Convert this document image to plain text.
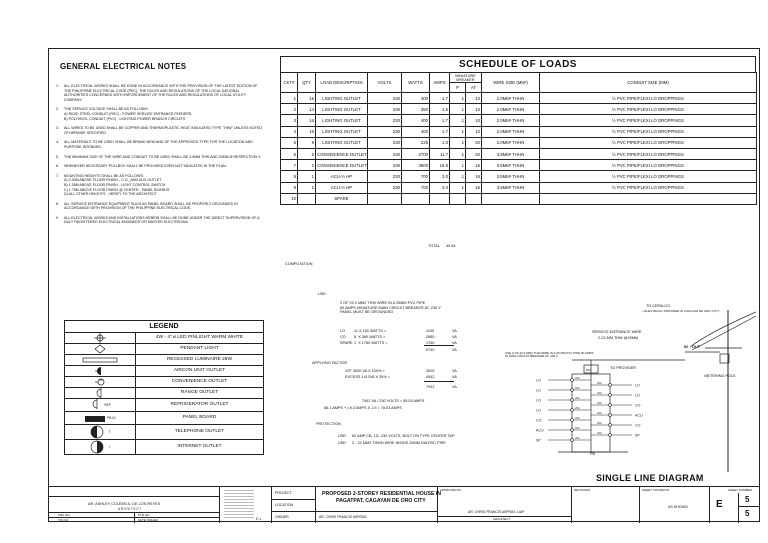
GENERAL ELECTRICAL NOTES
1.	ALL ELECTRICAL WORKS SHALL BE DONE IN ACCORDANCE WITH THE PROVISION OF THE LATEST EDITION OF THE PHILIPPINE ELECTRICAL CODE (PEC), THE RULES AND REGULATIONS OF THE LOCAL NATIONAL AUTHORITIES CONCERNED WITH ENFORCEMENT OF THE RULES AND REGULATIONS OF LOCAL UTILITY COMPANY.
2.	THE SERVICE VOLTAGE SHALL BE AS FOLLOWS:
A) RIGID STEEL CONDUIT (RSC) - POWER SERVICE ENTRANCE FEEDERS.
B) POLYVINYL CONDUIT (PVC) - LIGHTING POWER BRANCH CIRCUITS
3.	ALL WIRES TO BE USED SHALL BE COPPER AND THERMOPLASTIC HEAT INSULATED TYPE "THW" UNLESS NOTED OTHERWISE SPECIFIED.
4.	ALL MATERIALS TO BE USED SHALL BE BRAND NEW AND OF THE APPROVED TYPE FOR THE LOCATION AND PURPOSE INTENDED.
5.	THE MINIMUM SIZE OF THE WIRE AND CONDUIT TO BE USED SHALL BE 3.5MM THW AND 20MM Ø RESPECTIVELY.
6.	WHENEVER NECESSARY PULLBOX SHALL BE PROVIDED EVEN NOT INDICATED IN THE PLAN.
7.	MOUNTING HEIGHTS SHALL BE AS FOLLOWS:
A) 0.30M ABOVE FLOOR FINISH - C.O._AND AUX OUTLET
B) 1.35M ABOVE FLOOR FINISH - LIGHT CONTROL SWITCH
C) 1.75M ABOVE FLOOR FINISH @ CENTER - PANEL BOARDS
D) ALL OTHER HEIGHTS - VERIFY TO THE ARCHITECT
8.	ALL SERVICE ENTRANCE EQUIPMENT SUCH AS PANEL BOARD SHALL BE PROPERLY GROUNDED IN ACCORDANCE WITH PROVISION OF THE PHILIPPINE ELECTRICAL CODE.
9.	ALL ELECTRICAL WORKS AND INSTALLATIONS HEREIN SHALL BE DONE UNDER THE DIRECT SUPERVISION OF A DULY REGISTERED ELECTRICAL ENGINEER OR MASTER ELECTRICIAN.
LEGEND
4W - 4" ø LED PINLIGHT WARM WHITE
PENDANT LIGHT
RECESSED LUMINAIRE 28W
AIRCON UNIT OUTLET
CONVENIENCE OUTLET
RANGE OUTLET
REF	REFRIGERATOR OUTLET
PB-01	PANEL BOARD
T	TELEPHONE OUTLET
I	INTERNET OUTLET
SCHEDULE OF LOADS
CKT#	QTY	LOAD DESCRIPTION	VOLTS	WATTS	AMPS	MINIATURE BREAKER		WIRE SIZE (MM²)	CONDUIT SIZE (MM)
						P	AT		
1	16	LIGHTING OUTLET	230	400	1.7	1	10	2.0MM² THHN	½ PVC PIPE/FLEXI LO DROPPINGS
2	14	LIGHTING OUTLET	230	350	1.5	1	10	2.0MM² THHN	½ PVC PIPE/FLEXI LO DROPPINGS
3	16	LIGHTING OUTLET	230	400	1.7	1	10	2.0MM² THHN	½ PVC PIPE/FLEXI LO DROPPINGS
4	16	LIGHTING OUTLET	230	400	1.7	1	10	2.0MM² THHN	½ PVC PIPE/FLEXI LO DROPPINGS
5	9	LIGHTING OUTLET	230	225	1.0	1	20	2.0MM² THHN	½ PVC PIPE/FLEXI LO DROPPINGS
6	6	CONVENIENCE OUTLET	230	2700	11.7	1	20	3.5MM² THHN	½ PVC PIPE/FLEXI LO DROPPINGS
7	2	CONVENIENCE OUTLET	230	3900	16.9	1	16	3.5MM² THHN	½ PVC PIPE/FLEXI LO DROPPINGS
8	1	ACU-½ HP	230	700	3.0	1	16	3.5MM² THHN	½ PVC PIPE/FLEXI LO DROPPINGS
9	1	ACU-½ HP	230	700	3.0	1	16	3.5MM² THHN	½ PVC PIPE/FLEXI LO DROPPINGS
10		SPARE							
TOTAL 40.54
COMPUTATION
USE:
2 OF 22.0 MM2 THW WIRE IN A 25MM PVC PIPE
60 AMPS MINIATURE MAIN CIRCUIT BREAKER AT, 230 V
PANEL MUST BE GROUNDED
LO 11 X 100 WATTS =	1100	VA
CO 8  X 360 WATTS =	2880	VA
SPARE 1  X 1760 WATTS =	1760	VA
5740	VA
APPLYING FACTOR
1ST 3000 VA X 100% =	3000	VA
EXCESS 1412VA X 35% =	4942	VA
7942	VA
7942 VA / 230 VOLTS = 55.03 AMPS
66.1 AMPS + ( 8.3 AMPS X 1.5 = 78.03 AMPS
PROTECTION
USE: 60 AMP CB, 1G, 230 VOLTS, BOLT ON TYPE CENTER TAP
USE: 2 - 22 MM2 THWN WIRE INSIDE 25MM DIA RSC PIPE
LO	20A
LO	20A
LO	20A
LO	20A
CO	20A
ACU	20A
SP	20A
LO
20A
LO
20A
CO
20A
ACU
20A
CO
20A
SP
20A
60A
TO CEPALCO
( ELECTRICAL PROVIDER IN CAGAYAN DE ORO CITY)
SERVICE ENTRANCE WIRE
2-22 MM THW @25MM
IN    OUT
USE 2 OF 22.0 MM2 THW WIRE IN A 25 MM PVC PIPE 60 AMPS IN MAIN CIRCUIT BREAKER AT, 230 V
TO PROVIDER
METERING POLE
PB
SINGLE LINE DIAGRAM
AR. ASHLEY COLEEN A. DE LOS REYES
ARCHITECT
PRC NO.	PTR NO.
TIN NO.	DATE ISSUED	E-1
PROJECT
LOCATION
OWNER
PROPOSED 2-STOREY RESIDENTIAL HOUSE IN
PAGATPAT, CAGAYAN DE ORO CITY
AR. CHRIS FRANCIS ASPRAS
APPROVED BY
AR. CHRIS FRANCIS ASPRAS, UAP
ARCHITECT
REVISIONS	SHEET CONTENTS
AS SHOWN
SHEET NUMBER
E	5
5
